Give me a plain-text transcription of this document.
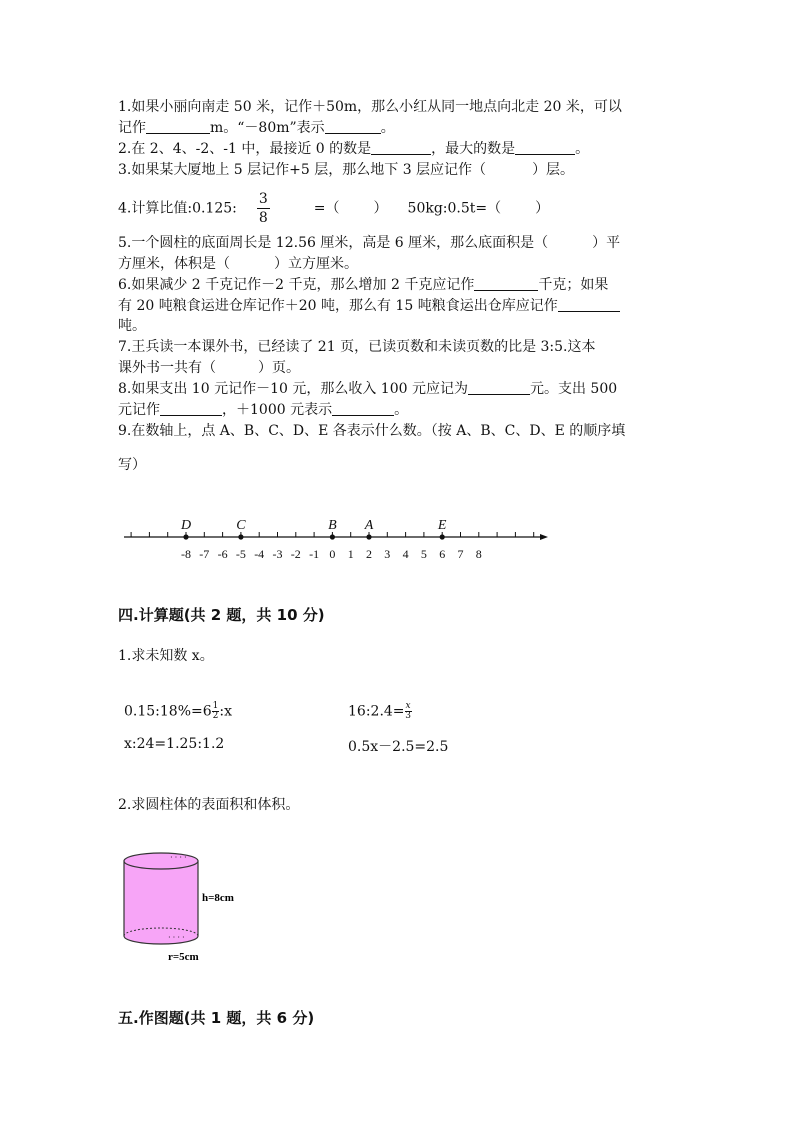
1.如果小丽向南走 50 米，记作＋50m，那么小红从同一地点向北走 20 米，可以
记作	m。“－80m”表示	。
2.在 2、4、-2、-1 中，最接近 0 的数是	，最大的数是	。
3.如果某大厦地上 5 层记作+5 层，那么地下 3 层应记作（	）层。
4.计算比值:0.125: $\frac{3}{8}$	=（ ） 50kg:0.5t=（ ）
5.一个圆柱的底面周长是 12.56 厘米，高是 6 厘米，那么底面积是（	）平
方厘米，体积是（	）立方厘米。
6.如果减少 2 千克记作－2 千克，那么增加 2 千克应记作	千克；如果
有 20 吨粮食运进仓库记作＋20 吨，那么有 15 吨粮食运出仓库应记作
吨。
7.王兵读一本课外书，已经读了 21 页，已读页数和未读页数的比是 3:5.这本
课外书一共有（	）页。
8.如果支出 10 元记作－10 元，那么收入 100 元应记为	元。支出 500
元记作	，＋1000 元表示	。
9.在数轴上，点 A、B、C、D、E 各表示什么数。（按 A、B、C、D、E 的顺序填
写）
-8 -7 -6 -5 -4 -3 -2 -1 0 1 2 3 4 5 6 7 8
D	C	B A	E
四.计算题(共 2 题，共 10 分)
1.求未知数 x。
0.15:18%=6 $\frac{1}{2}$ :x	16:2.4= $\frac{x}{3}$
x:24=1.25:1.2	0.5x－2.5=2.5
2.求圆柱体的表面积和体积。
· · · ·
· · · ·
h=8cm
r=5cm
五.作图题(共 1 题，共 6 分)
